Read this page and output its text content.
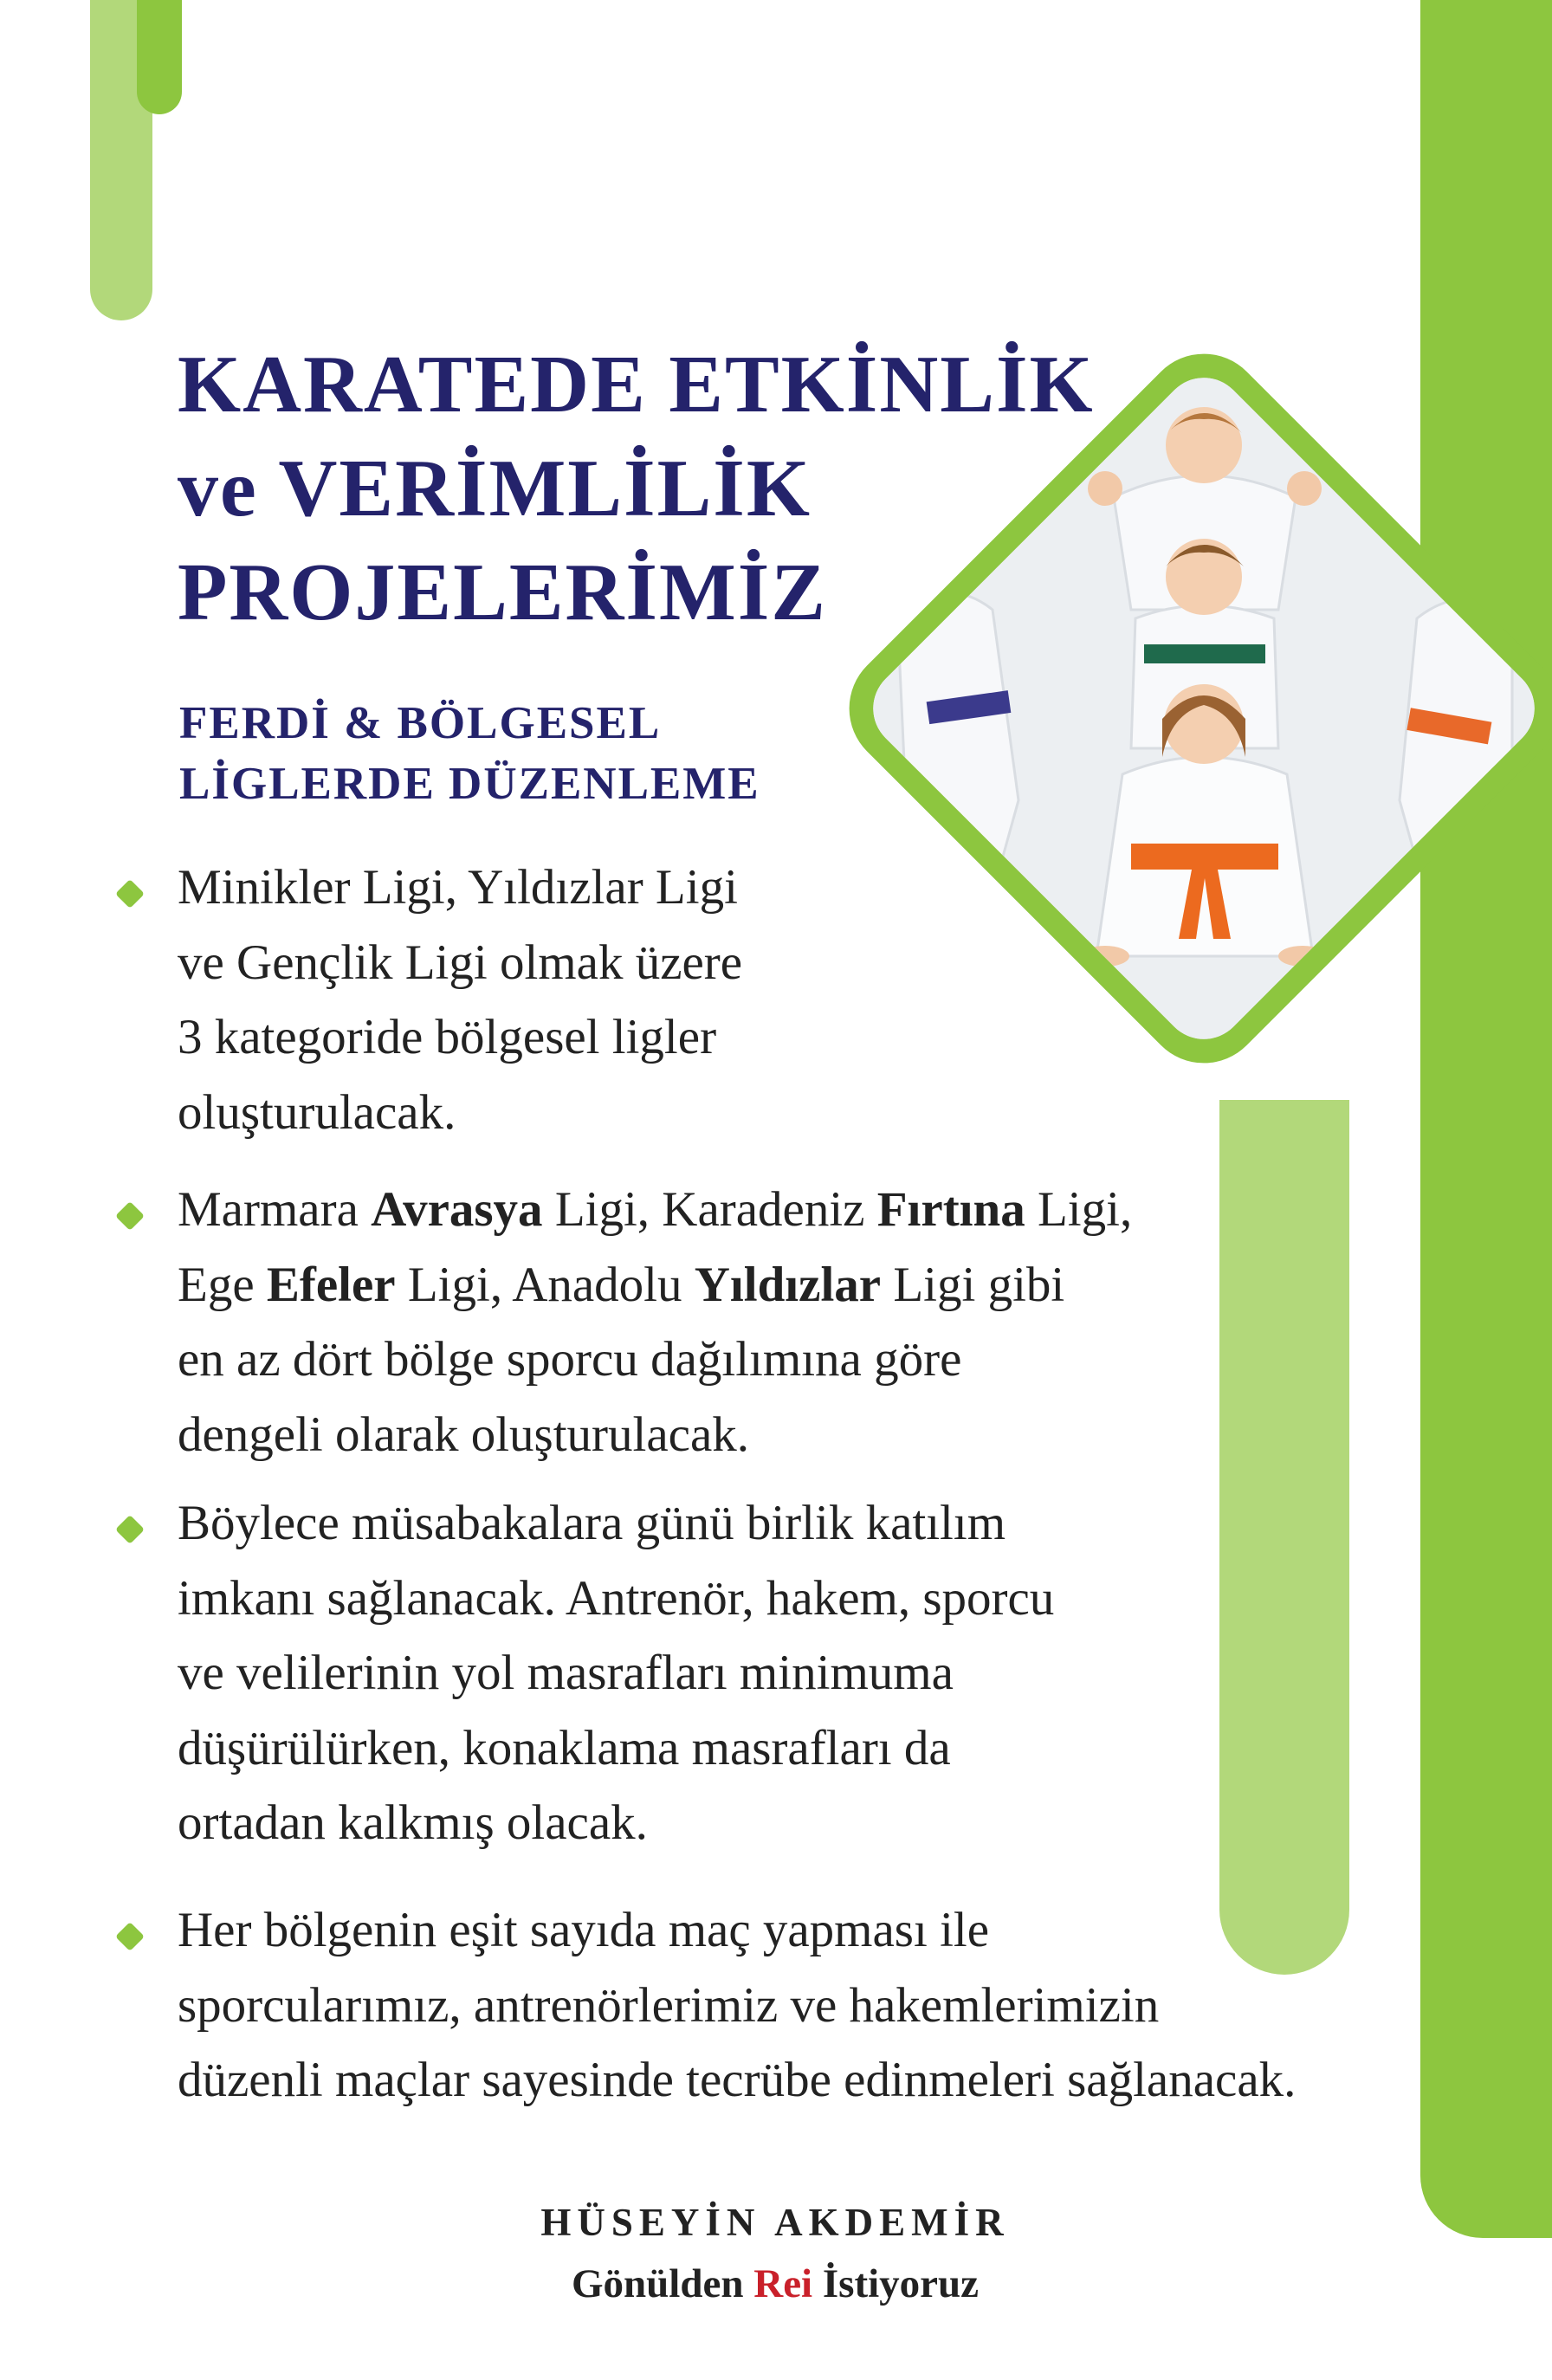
KARATEDE ETKİNLİK
ve VERİMLİLİK
PROJELERİMİZ
FERDİ & BÖLGESEL
LİGLERDE DÜZENLEME
Minikler Ligi, Yıldızlar Ligi
ve Gençlik Ligi olmak üzere
3 kategoride bölgesel ligler
oluşturulacak.
Marmara Avrasya Ligi, Karadeniz Fırtına Ligi,
Ege Efeler Ligi, Anadolu Yıldızlar Ligi gibi
en az dört bölge sporcu dağılımına göre
dengeli olarak oluşturulacak.
Böylece müsabakalara günü birlik katılım
imkanı sağlanacak. Antrenör, hakem, sporcu
ve velilerinin yol masrafları minimuma
düşürülürken, konaklama masrafları da
ortadan kalkmış olacak.
Her bölgenin eşit sayıda maç yapması ile
sporcularımız, antrenörlerimiz ve hakemlerimizin
düzenli maçlar sayesinde tecrübe edinmeleri sağlanacak.
HÜSEYİN AKDEMİR
Gönülden Rei İstiyoruz
